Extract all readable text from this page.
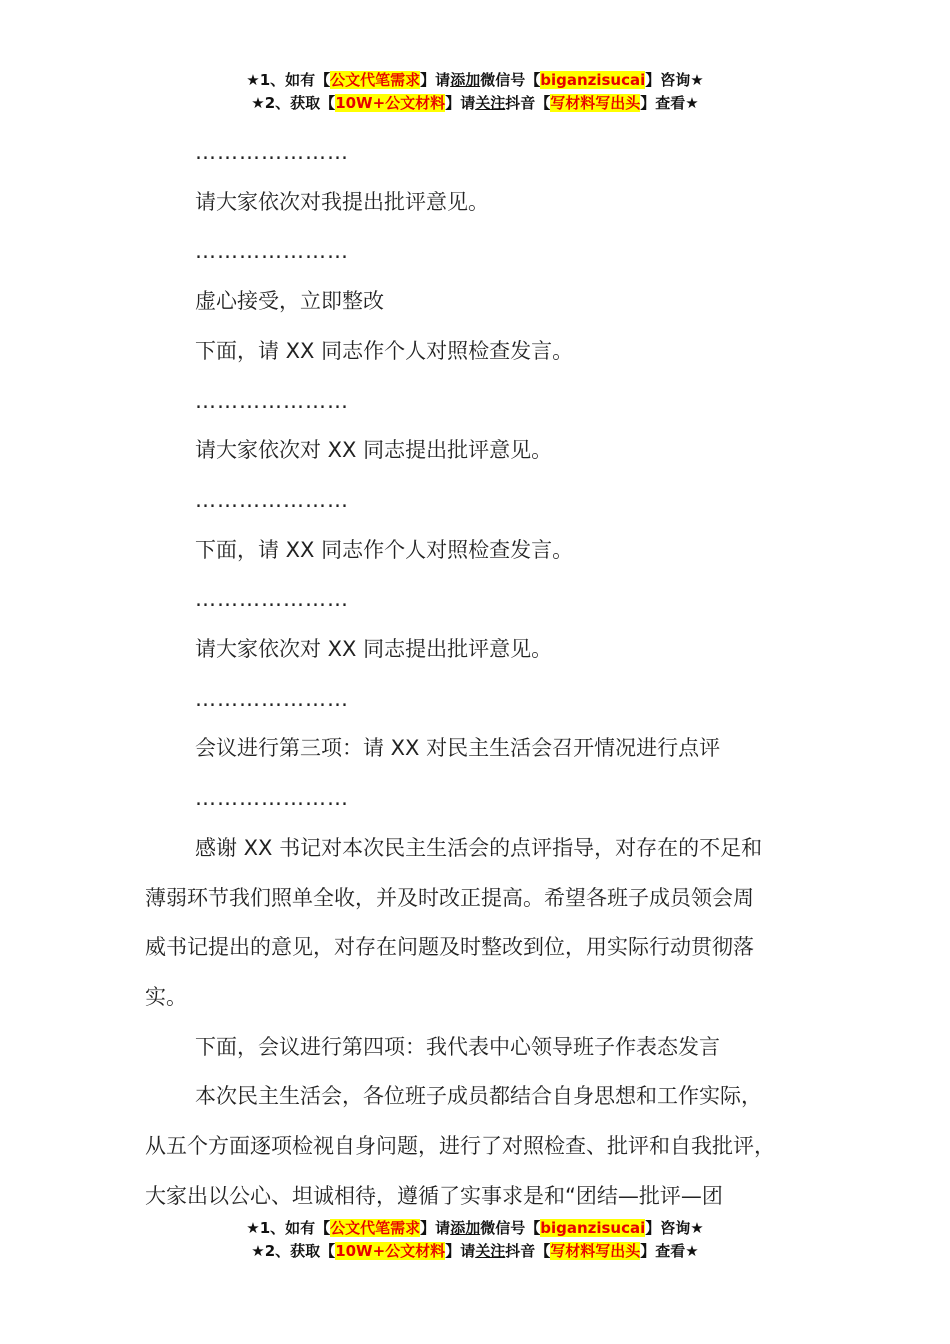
★1、如有【公文代笔需求】请添加微信号【biganzisucai】咨询★
★2、获取【10W+公文材料】请关注抖音【写材料写出头】查看★

…………………

请大家依次对我提出批评意见。

…………………

虚心接受，立即整改

下面，请 XX 同志作个人对照检查发言。

…………………

请大家依次对 XX 同志提出批评意见。

…………………

下面，请 XX 同志作个人对照检查发言。

…………………

请大家依次对 XX 同志提出批评意见。

…………………

会议进行第三项：请 XX 对民主生活会召开情况进行点评

…………………

感谢 XX 书记对本次民主生活会的点评指导，对存在的不足和

薄弱环节我们照单全收，并及时改正提高。希望各班子成员领会周

威书记提出的意见，对存在问题及时整改到位，用实际行动贯彻落

实。

下面，会议进行第四项：我代表中心领导班子作表态发言

本次民主生活会，各位班子成员都结合自身思想和工作实际，

从五个方面逐项检视自身问题，进行了对照检查、批评和自我批评，

大家出以公心、坦诚相待，遵循了实事求是和“团结—批评—团

★1、如有【公文代笔需求】请添加微信号【biganzisucai】咨询★
★2、获取【10W+公文材料】请关注抖音【写材料写出头】查看★
